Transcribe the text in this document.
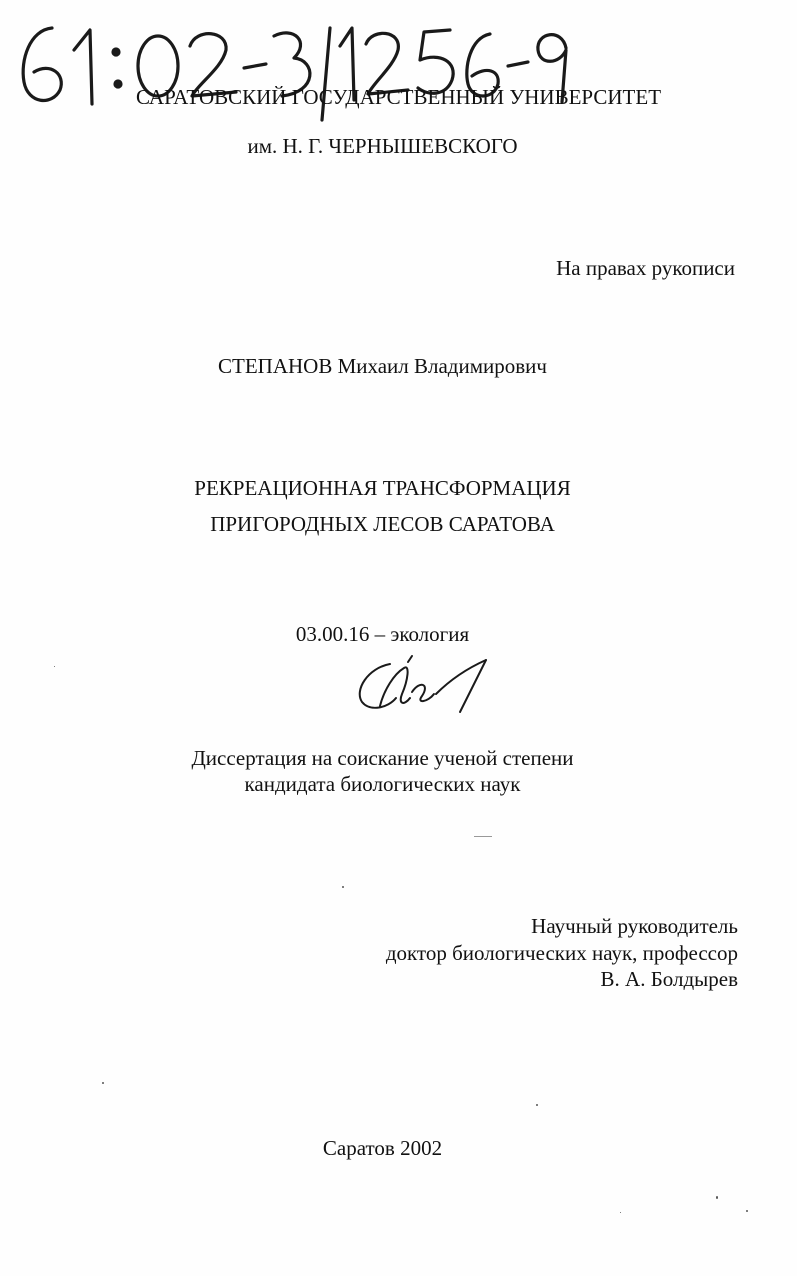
САРАТОВСКИЙ ГОСУДАРСТВЕННЫЙ УНИВЕРСИТЕТ
им. Н. Г. ЧЕРНЫШЕВСКОГО
На правах рукописи
СТЕПАНОВ Михаил Владимирович
РЕКРЕАЦИОННАЯ ТРАНСФОРМАЦИЯ
ПРИГОРОДНЫХ ЛЕСОВ САРАТОВА
03.00.16 – экология
Диссертация на соискание ученой степени
кандидата биологических наук
Научный руководитель
доктор биологических наук, профессор
В. А. Болдырев
Саратов 2002
